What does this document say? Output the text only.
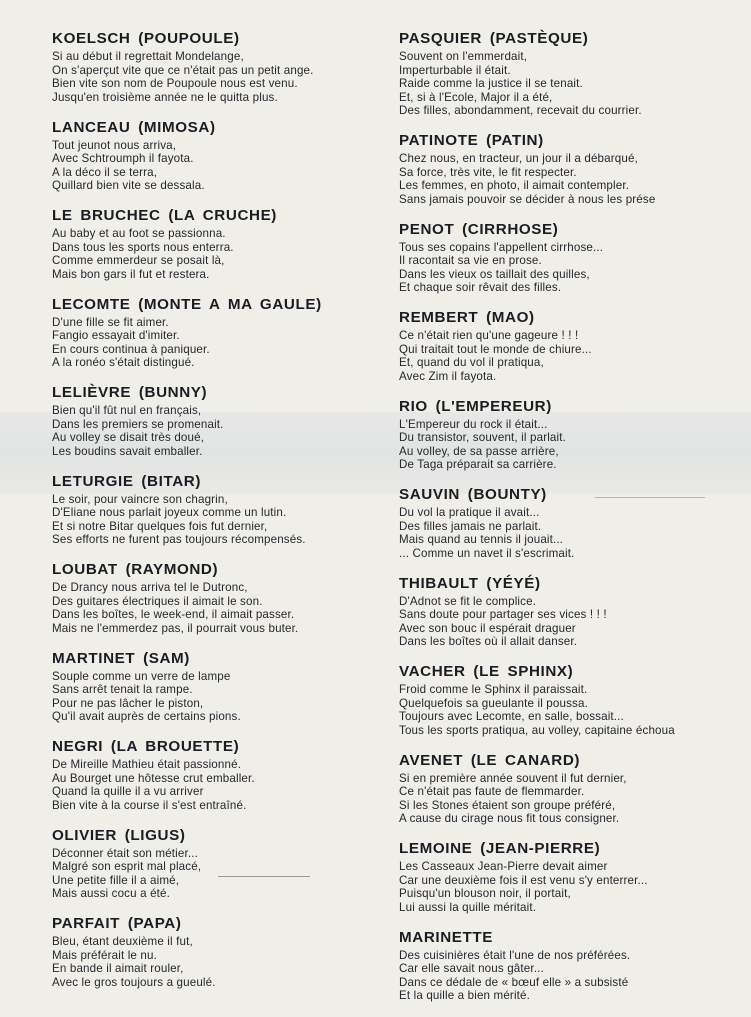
KOELSCH (POUPOULE)
Si au début il regrettait Mondelange,
On s'aperçut vite que ce n'était pas un petit ange.
Bien vite son nom de Poupoule nous est venu.
Jusqu'en troisième année ne le quitta plus.
LANCEAU (MIMOSA)
Tout jeunot nous arriva,
Avec Schtroumph il fayota.
A la déco il se terra,
Quillard bien vite se dessala.
LE BRUCHEC (LA CRUCHE)
Au baby et au foot se passionna.
Dans tous les sports nous enterra.
Comme emmerdeur se posait là,
Mais bon gars il fut et restera.
LECOMTE (MONTE A MA GAULE)
D'une fille se fit aimer.
Fangio essayait d'imiter.
En cours continua à paniquer.
A la ronéo s'était distingué.
LELIÈVRE (BUNNY)
Bien qu'il fût nul en français,
Dans les premiers se promenait.
Au volley se disait très doué,
Les boudins savait emballer.
LETURGIE (BITAR)
Le soir, pour vaincre son chagrin,
D'Eliane nous parlait joyeux comme un lutin.
Et si notre Bitar quelques fois fut dernier,
Ses efforts ne furent pas toujours récompensés.
LOUBAT (RAYMOND)
De Drancy nous arriva tel le Dutronc,
Des guitares électriques il aimait le son.
Dans les boîtes, le week-end, il aimait passer.
Mais ne l'emmerdez pas, il pourrait vous buter.
MARTINET (SAM)
Souple comme un verre de lampe
Sans arrêt tenait la rampe.
Pour ne pas lâcher le piston,
Qu'il avait auprès de certains pions.
NEGRI (LA BROUETTE)
De Mireille Mathieu était passionné.
Au Bourget une hôtesse crut emballer.
Quand la quille il a vu arriver
Bien vite à la course il s'est entraîné.
OLIVIER (LIGUS)
Déconner était son métier...
Malgré son esprit mal placé,
Une petite fille il a aimé,
Mais aussi cocu a été.
PARFAIT (PAPA)
Bleu, étant deuxième il fut,
Mais préférait le nu.
En bande il aimait rouler,
Avec le gros toujours a gueulé.
PASQUIER (PASTÈQUE)
Souvent on l'emmerdait,
Imperturbable il était.
Raide comme la justice il se tenait.
Et, si à l'Ecole, Major il a été,
Des filles, abondamment, recevait du courrier.
PATINOTE (PATIN)
Chez nous, en tracteur, un jour il a débarqué,
Sa force, très vite, le fit respecter.
Les femmes, en photo, il aimait contempler.
Sans jamais pouvoir se décider à nous les prése
PENOT (CIRRHOSE)
Tous ses copains l'appellent cirrhose...
Il racontait sa vie en prose.
Dans les vieux os taillait des quilles,
Et chaque soir rêvait des filles.
REMBERT (MAO)
Ce n'était rien qu'une gageure ! ! !
Qui traitait tout le monde de chiure...
Et, quand du vol il pratiqua,
Avec Zim il fayota.
RIO (L'EMPEREUR)
L'Empereur du rock il était...
Du transistor, souvent, il parlait.
Au volley, de sa passe arrière,
De Taga préparait sa carrière.
SAUVIN (BOUNTY)
Du vol la pratique il avait...
Des filles jamais ne parlait.
Mais quand au tennis il jouait...
... Comme un navet il s'escrimait.
THIBAULT (YÉYÉ)
D'Adnot se fit le complice.
Sans doute pour partager ses vices ! ! !
Avec son bouc il espérait draguer
Dans les boîtes où il allait danser.
VACHER (LE SPHINX)
Froid comme le Sphinx il paraissait.
Quelquefois sa gueulante il poussa.
Toujours avec Lecomte, en salle, bossait...
Tous les sports pratiqua, au volley, capitaine échoua
AVENET (LE CANARD)
Si en première année souvent il fut dernier,
Ce n'était pas faute de flemmarder.
Si les Stones étaient son groupe préféré,
A cause du cirage nous fit tous consigner.
LEMOINE (JEAN-PIERRE)
Les Casseaux Jean-Pierre devait aimer
Car une deuxième fois il est venu s'y enterrer...
Puisqu'un blouson noir, il portait,
Lui aussi la quille méritait.
MARINETTE
Des cuisinières était l'une de nos préférées.
Car elle savait nous gâter...
Dans ce dédale de « bœuf elle » a subsisté
Et la quille a bien mérité.
